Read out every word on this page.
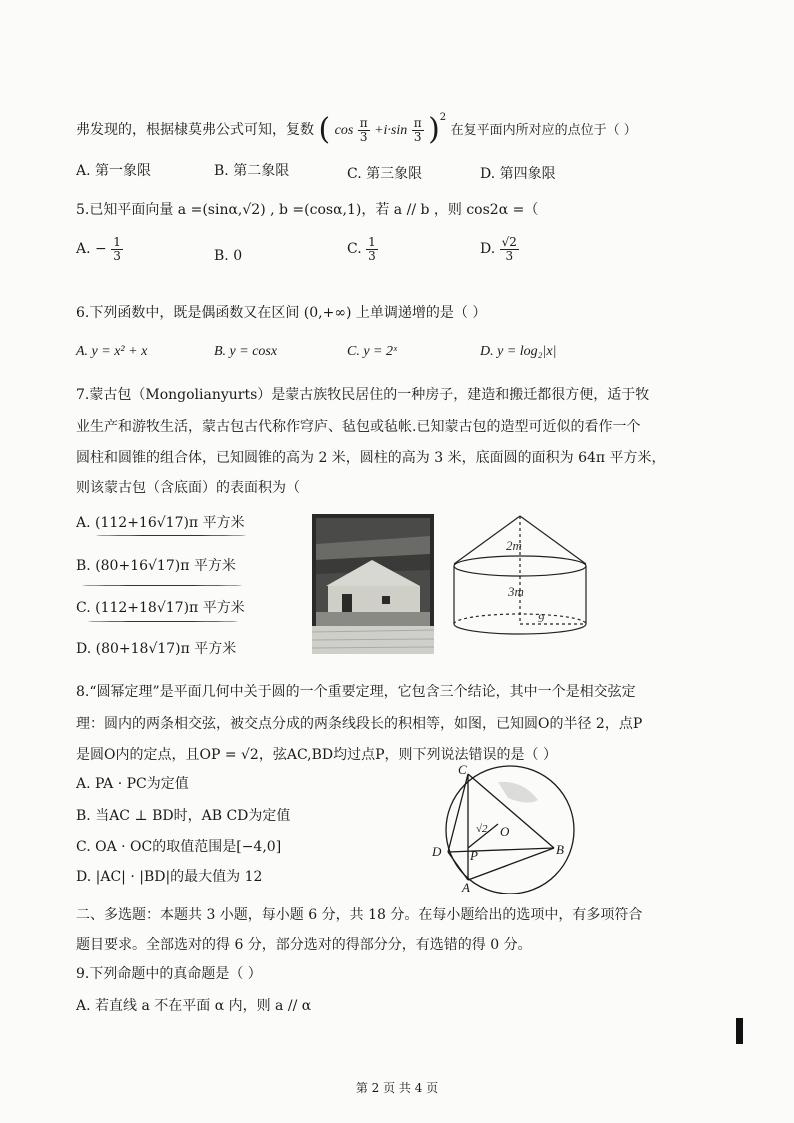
弗发现的，根据棣莫弗公式可知，复数 ( $\cos \frac{\pi}{3} +i\cdot\sin \frac{\pi}{3} )^2$ 在复平面内所对应的点位于（ ）
A. 第一象限	B. 第二象限	C. 第三象限	D. 第四象限
5.已知平面向量 a =(sinα,√2) , b =(cosα,1)，若 a // b ，则 cos2α =（
A. − $\frac{1}{3}$	B. 0	C. $\frac{1}{3}$	D. $\frac{√2}{3}$
6.下列函数中，既是偶函数又在区间 (0,+∞) 上单调递增的是（ ）
A. y = x² + x	B. y = cosx	C. y = 2ˣ	D. y = log₂|x|
7.蒙古包（Mongolianyurts）是蒙古族牧民居住的一种房子，建造和搬迁都很方便，适于牧
业生产和游牧生活，蒙古包古代称作穹庐、毡包或毡帐.已知蒙古包的造型可近似的看作一个
圆柱和圆锥的组合体，已知圆锥的高为 2 米，圆柱的高为 3 米，底面圆的面积为 64π 平方米，
则该蒙古包（含底面）的表面积为（
A. (112+16√17)π 平方米
B. (80+16√17)π 平方米
C. (112+18√17)π 平方米
D. (80+18√17)π 平方米
2m
3m
9
8.“圆幂定理”是平面几何中关于圆的一个重要定理，它包含三个结论，其中一个是相交弦定
理：圆内的两条相交弦，被交点分成的两条线段长的积相等，如图，已知圆O的半径 2，点P
是圆O内的定点，且OP = √2，弦AC,BD均过点P，则下列说法错误的是（ ）
A. PA · PC为定值
B. 当AC ⊥ BD时，AB CD为定值
C. OA · OC的取值范围是[−4,0]
D. |AC| · |BD|的最大值为 12
C
D P
O
B
A
√2
二、多选题：本题共 3 小题，每小题 6 分，共 18 分。在每小题给出的选项中，有多项符合
题目要求。全部选对的得 6 分，部分选对的得部分分，有选错的得 0 分。
9.下列命题中的真命题是（ ）
A. 若直线 a 不在平面 α 内，则 a // α
第 2 页 共 4 页
